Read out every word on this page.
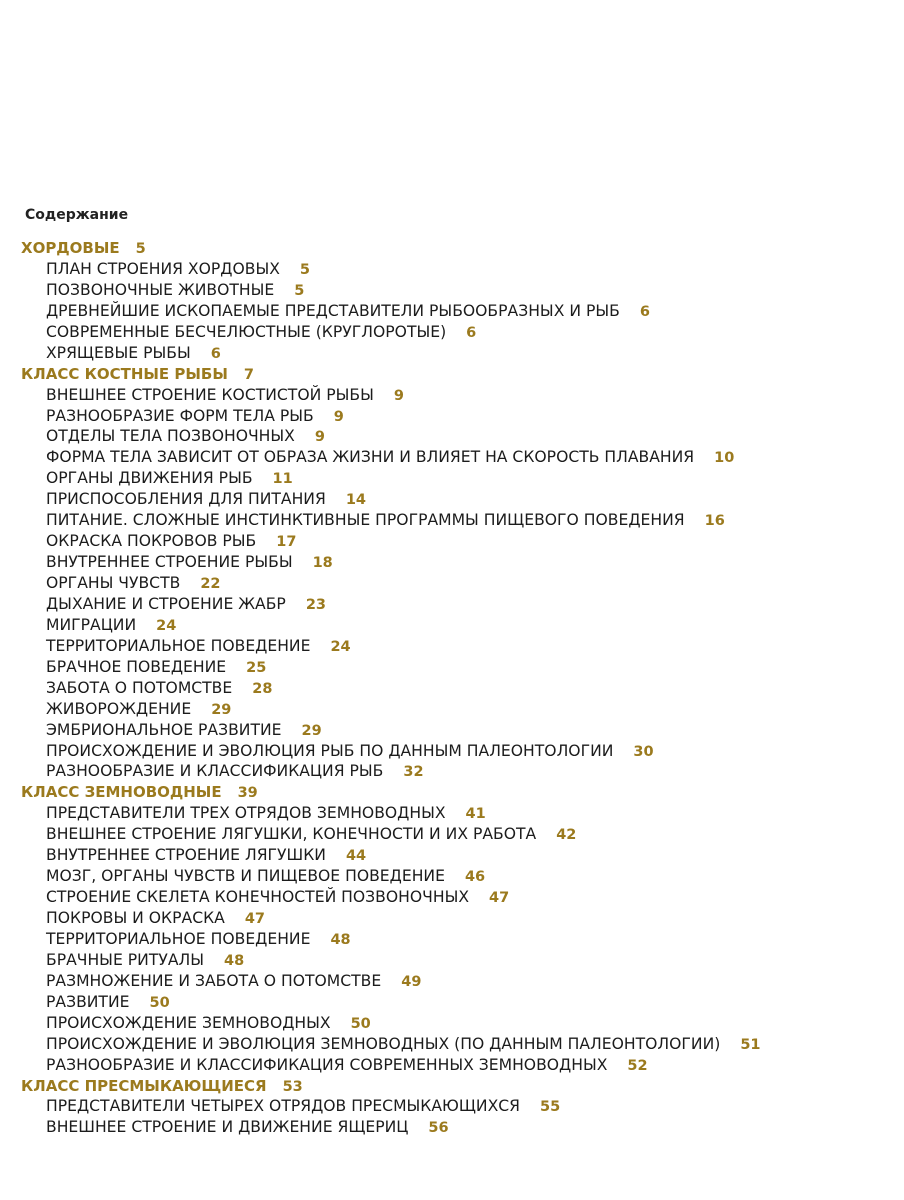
Содержание
ХОРДОВЫЕ 5
ПЛАН СТРОЕНИЯ ХОРДОВЫХ 5
ПОЗВОНОЧНЫЕ ЖИВОТНЫЕ 5
ДРЕВНЕЙШИЕ ИСКОПАЕМЫЕ ПРЕДСТАВИТЕЛИ РЫБООБРАЗНЫХ И РЫБ 6
СОВРЕМЕННЫЕ БЕСЧЕЛЮСТНЫЕ (КРУГЛОРОТЫЕ) 6
ХРЯЩЕВЫЕ РЫБЫ 6
КЛАСС КОСТНЫЕ РЫБЫ 7
ВНЕШНЕЕ СТРОЕНИЕ КОСТИСТОЙ РЫБЫ 9
РАЗНООБРАЗИЕ ФОРМ ТЕЛА РЫБ 9
ОТДЕЛЫ ТЕЛА ПОЗВОНОЧНЫХ 9
ФОРМА ТЕЛА ЗАВИСИТ ОТ ОБРАЗА ЖИЗНИ И ВЛИЯЕТ НА СКОРОСТЬ ПЛАВАНИЯ 10
ОРГАНЫ ДВИЖЕНИЯ РЫБ 11
ПРИСПОСОБЛЕНИЯ ДЛЯ ПИТАНИЯ 14
ПИТАНИЕ. СЛОЖНЫЕ ИНСТИНКТИВНЫЕ ПРОГРАММЫ ПИЩЕВОГО ПОВЕДЕНИЯ 16
ОКРАСКА ПОКРОВОВ РЫБ 17
ВНУТРЕННЕЕ СТРОЕНИЕ РЫБЫ 18
ОРГАНЫ ЧУВСТВ 22
ДЫХАНИЕ И СТРОЕНИЕ ЖАБР 23
МИГРАЦИИ 24
ТЕРРИТОРИАЛЬНОЕ ПОВЕДЕНИЕ 24
БРАЧНОЕ ПОВЕДЕНИЕ 25
ЗАБОТА О ПОТОМСТВЕ 28
ЖИВОРОЖДЕНИЕ 29
ЭМБРИОНАЛЬНОЕ РАЗВИТИЕ 29
ПРОИСХОЖДЕНИЕ И ЭВОЛЮЦИЯ РЫБ ПО ДАННЫМ ПАЛЕОНТОЛОГИИ 30
РАЗНООБРАЗИЕ И КЛАССИФИКАЦИЯ РЫБ 32
КЛАСС ЗЕМНОВОДНЫЕ 39
ПРЕДСТАВИТЕЛИ ТРЕХ ОТРЯДОВ ЗЕМНОВОДНЫХ 41
ВНЕШНЕЕ СТРОЕНИЕ ЛЯГУШКИ, КОНЕЧНОСТИ И ИХ РАБОТА 42
ВНУТРЕННЕЕ СТРОЕНИЕ ЛЯГУШКИ 44
МОЗГ, ОРГАНЫ ЧУВСТВ И ПИЩЕВОЕ ПОВЕДЕНИЕ 46
СТРОЕНИЕ СКЕЛЕТА КОНЕЧНОСТЕЙ ПОЗВОНОЧНЫХ 47
ПОКРОВЫ И ОКРАСКА 47
ТЕРРИТОРИАЛЬНОЕ ПОВЕДЕНИЕ 48
БРАЧНЫЕ РИТУАЛЫ 48
РАЗМНОЖЕНИЕ И ЗАБОТА О ПОТОМСТВЕ 49
РАЗВИТИЕ 50
ПРОИСХОЖДЕНИЕ ЗЕМНОВОДНЫХ 50
ПРОИСХОЖДЕНИЕ И ЭВОЛЮЦИЯ ЗЕМНОВОДНЫХ (ПО ДАННЫМ ПАЛЕОНТОЛОГИИ) 51
РАЗНООБРАЗИЕ И КЛАССИФИКАЦИЯ СОВРЕМЕННЫХ ЗЕМНОВОДНЫХ 52
КЛАСС ПРЕСМЫКАЮЩИЕСЯ 53
ПРЕДСТАВИТЕЛИ ЧЕТЫРЕХ ОТРЯДОВ ПРЕСМЫКАЮЩИХСЯ 55
ВНЕШНЕЕ СТРОЕНИЕ И ДВИЖЕНИЕ ЯЩЕРИЦ 56
